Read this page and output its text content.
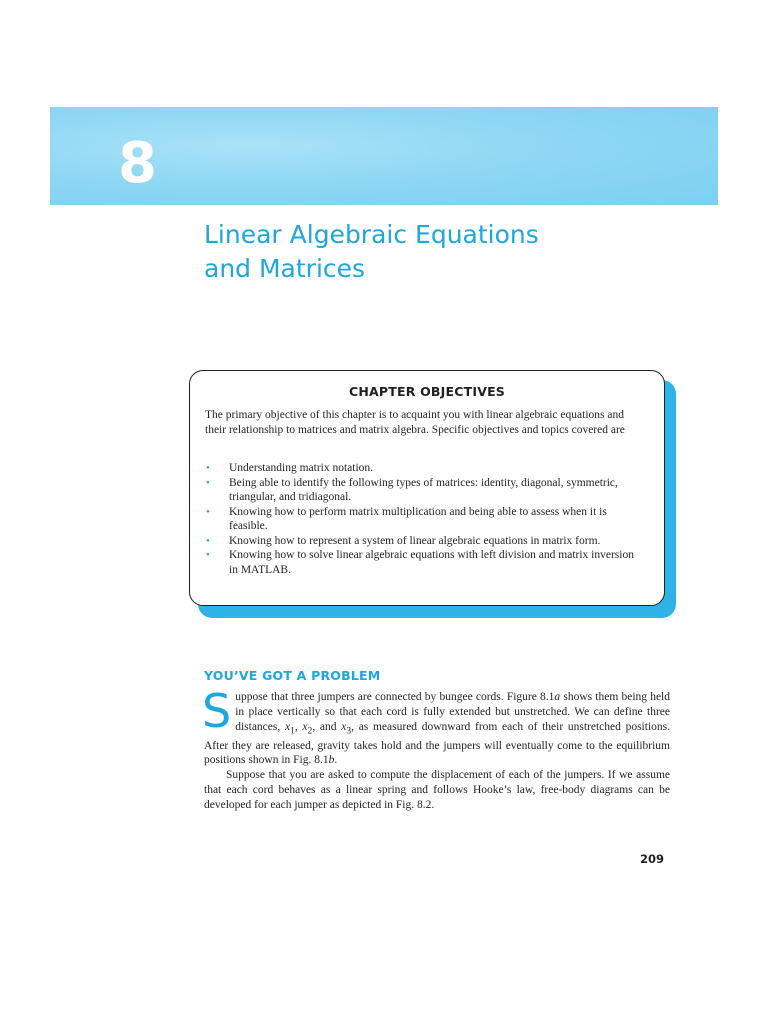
8
Linear Algebraic Equations
and Matrices
CHAPTER OBJECTIVES

The primary objective of this chapter is to acquaint you with linear algebraic equations and their relationship to matrices and matrix algebra. Specific objectives and topics covered are

• Understanding matrix notation.
• Being able to identify the following types of matrices: identity, diagonal, symmetric, triangular, and tridiagonal.
• Knowing how to perform matrix multiplication and being able to assess when it is feasible.
• Knowing how to represent a system of linear algebraic equations in matrix form.
• Knowing how to solve linear algebraic equations with left division and matrix inversion in MATLAB.
YOU’VE GOT A PROBLEM

Suppose that three jumpers are connected by bungee cords. Figure 8.1a shows them being held in place vertically so that each cord is fully extended but unstretched. We can define three distances, $x_1$, $x_2$, and $x_3$, as measured downward from each of their unstretched positions. After they are released, gravity takes hold and the jumpers will eventually come to the equilibrium positions shown in Fig. 8.1b.

Suppose that you are asked to compute the displacement of each of the jumpers. If we assume that each cord behaves as a linear spring and follows Hooke’s law, free-body diagrams can be developed for each jumper as depicted in Fig. 8.2.

209
